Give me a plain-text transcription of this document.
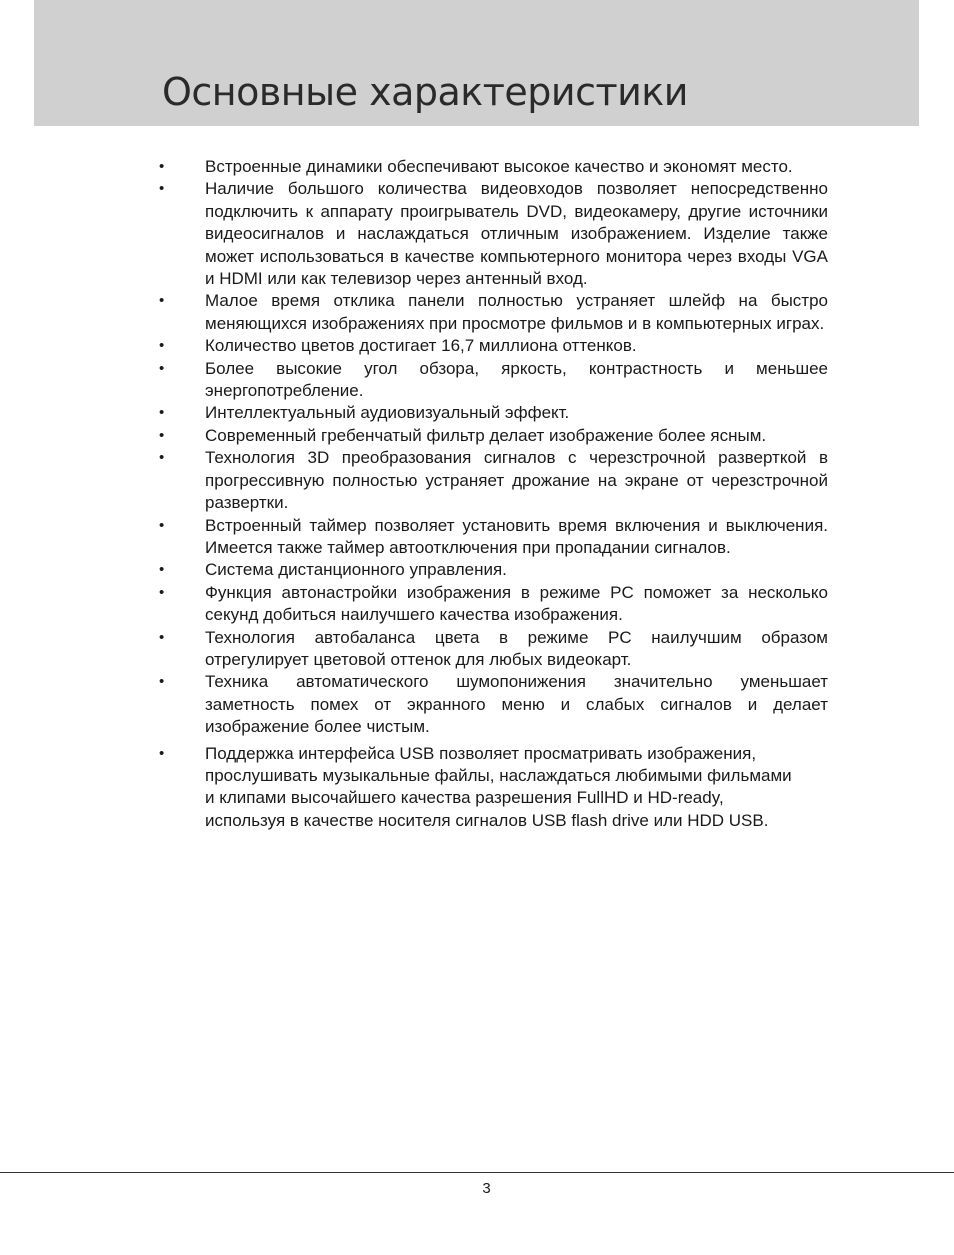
Основные характеристики
• Встроенные динамики обеспечивают высокое качество и экономят место.
• Наличие большого количества видеовходов позволяет непосредственно подключить к аппарату проигрыватель DVD, видеокамеру, другие источники видеосигналов и наслаждаться отличным изображением. Изделие также может использоваться в качестве компьютерного монитора через входы VGA и HDMI или как телевизор через антенный вход.
• Малое время отклика панели полностью устраняет шлейф на быстро меняющихся изображениях при просмотре фильмов и в компьютерных играх.
• Количество цветов достигает 16,7 миллиона оттенков.
• Более высокие угол обзора, яркость, контрастность и меньшее энергопотребление.
• Интеллектуальный аудиовизуальный эффект.
• Современный гребенчатый фильтр делает изображение более ясным.
• Технология 3D преобразования сигналов с черезстрочной разверткой в прогрессивную полностью устраняет дрожание на экране от черезстрочной развертки.
• Встроенный таймер позволяет установить время включения и выключения. Имеется также таймер автоотключения при пропадании сигналов.
• Система дистанционного управления.
• Функция автонастройки изображения в режиме PC поможет за несколько секунд добиться наилучшего качества изображения.
• Технология автобаланса цвета в режиме PC наилучшим образом отрегулирует цветовой оттенок для любых видеокарт.
• Техника автоматического шумопонижения значительно уменьшает заметность помех от экранного меню и слабых сигналов и делает изображение более чистым.
• Поддержка интерфейса USB позволяет просматривать изображения,
прослушивать музыкальные файлы, наслаждаться любимыми фильмами
и клипами высочайшего качества разрешения FullHD и HD-ready,
используя в качестве носителя сигналов USB flash drive или HDD USB.
3
